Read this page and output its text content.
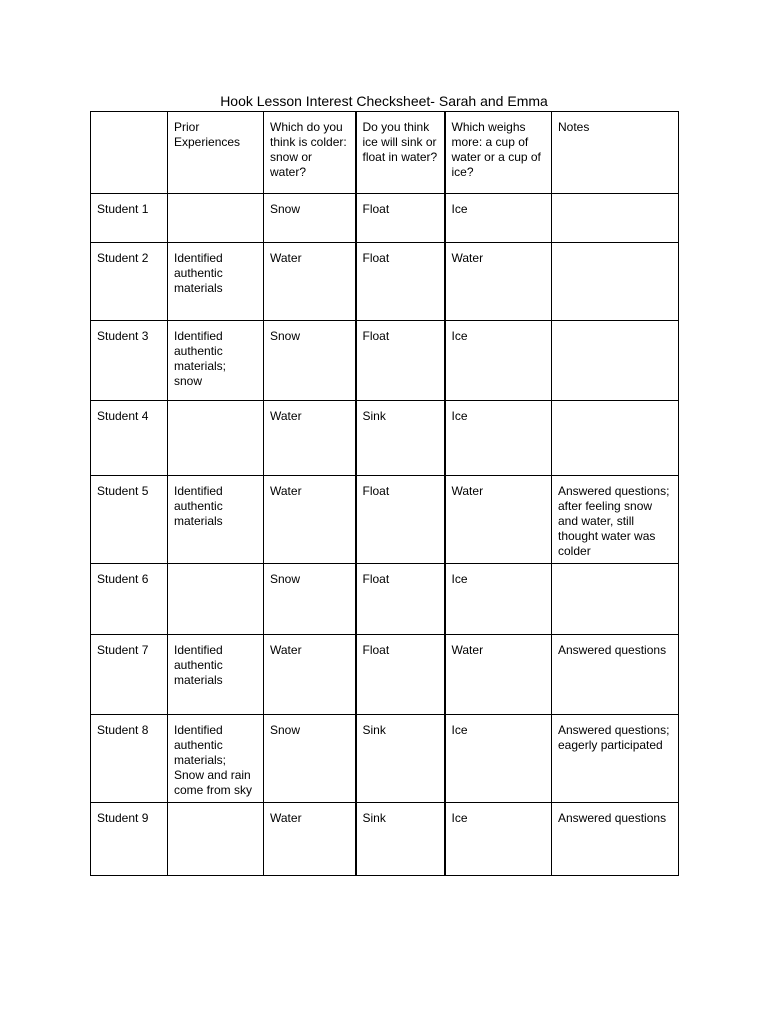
Hook Lesson Interest Checksheet- Sarah and Emma
	Prior Experiences	Which do you think is colder: snow or water?	Do you think ice will sink or float in water?	Which weighs more: a cup of water or a cup of ice?	Notes
Student 1		Snow	Float	Ice	
Student 2	Identified authentic materials	Water	Float	Water	
Student 3	Identified authentic materials; snow	Snow	Float	Ice	
Student 4		Water	Sink	Ice	
Student 5	Identified authentic materials	Water	Float	Water	Answered questions; after feeling snow and water, still thought water was colder
Student 6		Snow	Float	Ice	
Student 7	Identified authentic materials	Water	Float	Water	Answered questions
Student 8	Identified authentic materials; Snow and rain come from sky	Snow	Sink	Ice	Answered questions; eagerly participated
Student 9		Water	Sink	Ice	Answered questions
